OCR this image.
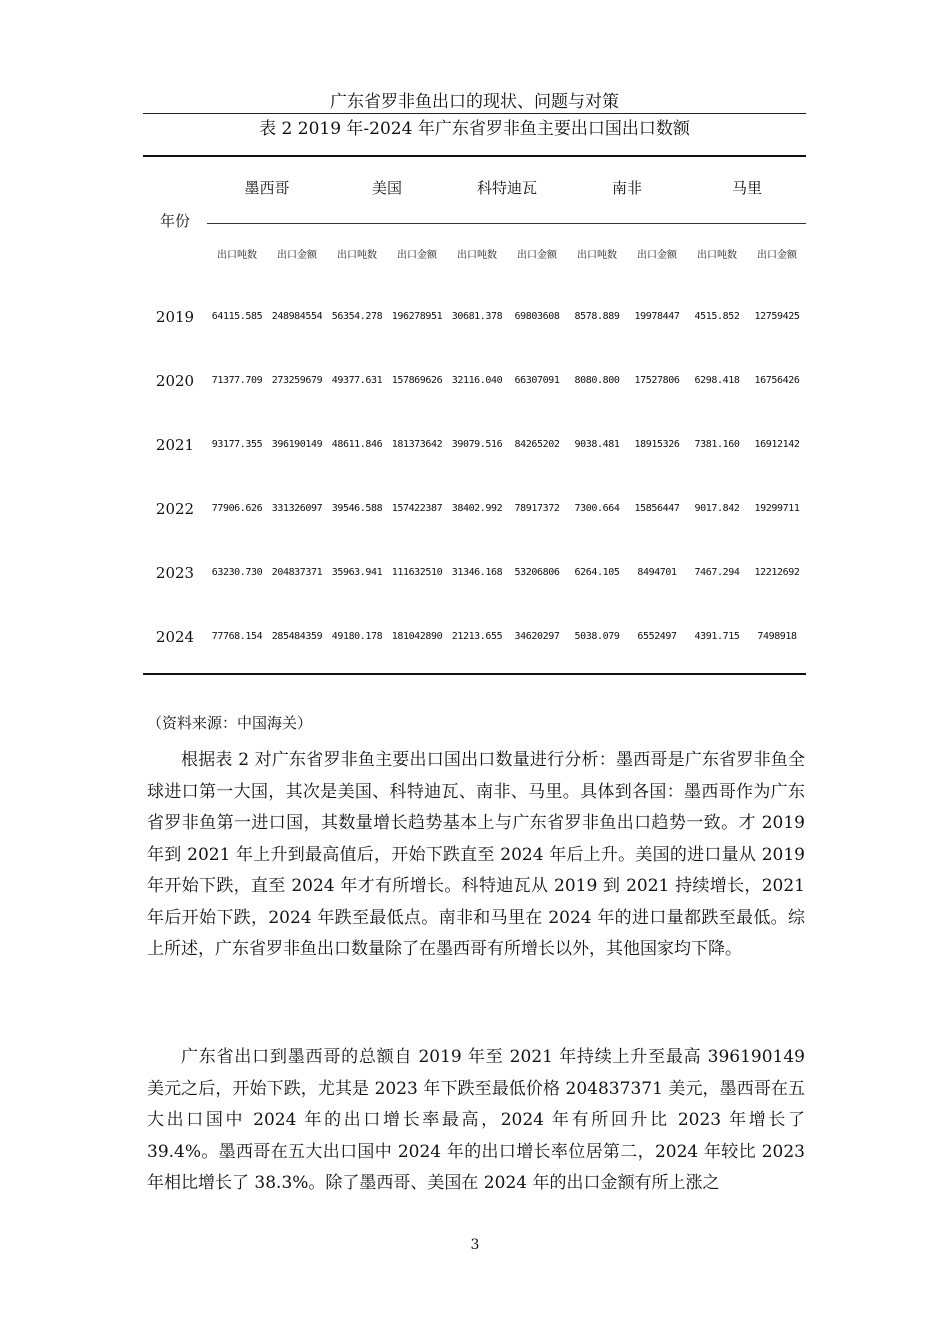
广东省罗非鱼出口的现状、问题与对策
表 2 2019 年-2024 年广东省罗非鱼主要出口国出口数额
年份
墨西哥	美国	科特迪瓦	南非	马里
出口吨数	出口金额	出口吨数	出口金额	出口吨数	出口金额	出口吨数	出口金额	出口吨数	出口金额
2019	64115.585 248984554 56354.278 196278951 30681.378	69803608	8578.889	19978447	4515.852	12759425
2020	71377.709 273259679 49377.631 157869626 32116.040	66307091	8080.800	17527806	6298.418	16756426
2021	93177.355 396190149 48611.846 181373642 39079.516	84265202	9038.481	18915326	7381.160	16912142
2022	77906.626 331326097 39546.588 157422387 38402.992	78917372	7300.664	15856447	9017.842	19299711
2023	63230.730 204837371 35963.941 111632510 31346.168	53206806	6264.105	8494701	7467.294	12212692
2024	77768.154 285484359 49180.178 181042890 21213.655	34620297	5038.079	6552497	4391.715	7498918
（资料来源：中国海关）

根据表 2 对广东省罗非鱼主要出口国出口数量进行分析：墨西哥是广东省罗非鱼全球进口第一大国，其次是美国、科特迪瓦、南非、马里。具体到各国：墨西哥作为广东省罗非鱼第一进口国，其数量增长趋势基本上与广东省罗非鱼出口趋势一致。才 2019 年到 2021 年上升到最高值后，开始下跌直至 2024 年后上升。美国的进口量从 2019 年开始下跌，直至 2024 年才有所增长。科特迪瓦从 2019 到 2021 持续增长，2021 年后开始下跌，2024 年跌至最低点。南非和马里在 2024 年的进口量都跌至最低。综上所述，广东省罗非鱼出口数量除了在墨西哥有所增长以外，其他国家均下降。

广东省出口到墨西哥的总额自 2019 年至 2021 年持续上升至最高 396190149 美元之后，开始下跌，尤其是 2023 年下跌至最低价格 204837371 美元，墨西哥在五大出口国中 2024 年的出口增长率最高，2024 年有所回升比 2023 年增长了 39.4%。墨西哥在五大出口国中 2024 年的出口增长率位居第二，2024 年较比 2023 年相比增长了 38.3%。除了墨西哥、美国在 2024 年的出口金额有所上涨之

3
